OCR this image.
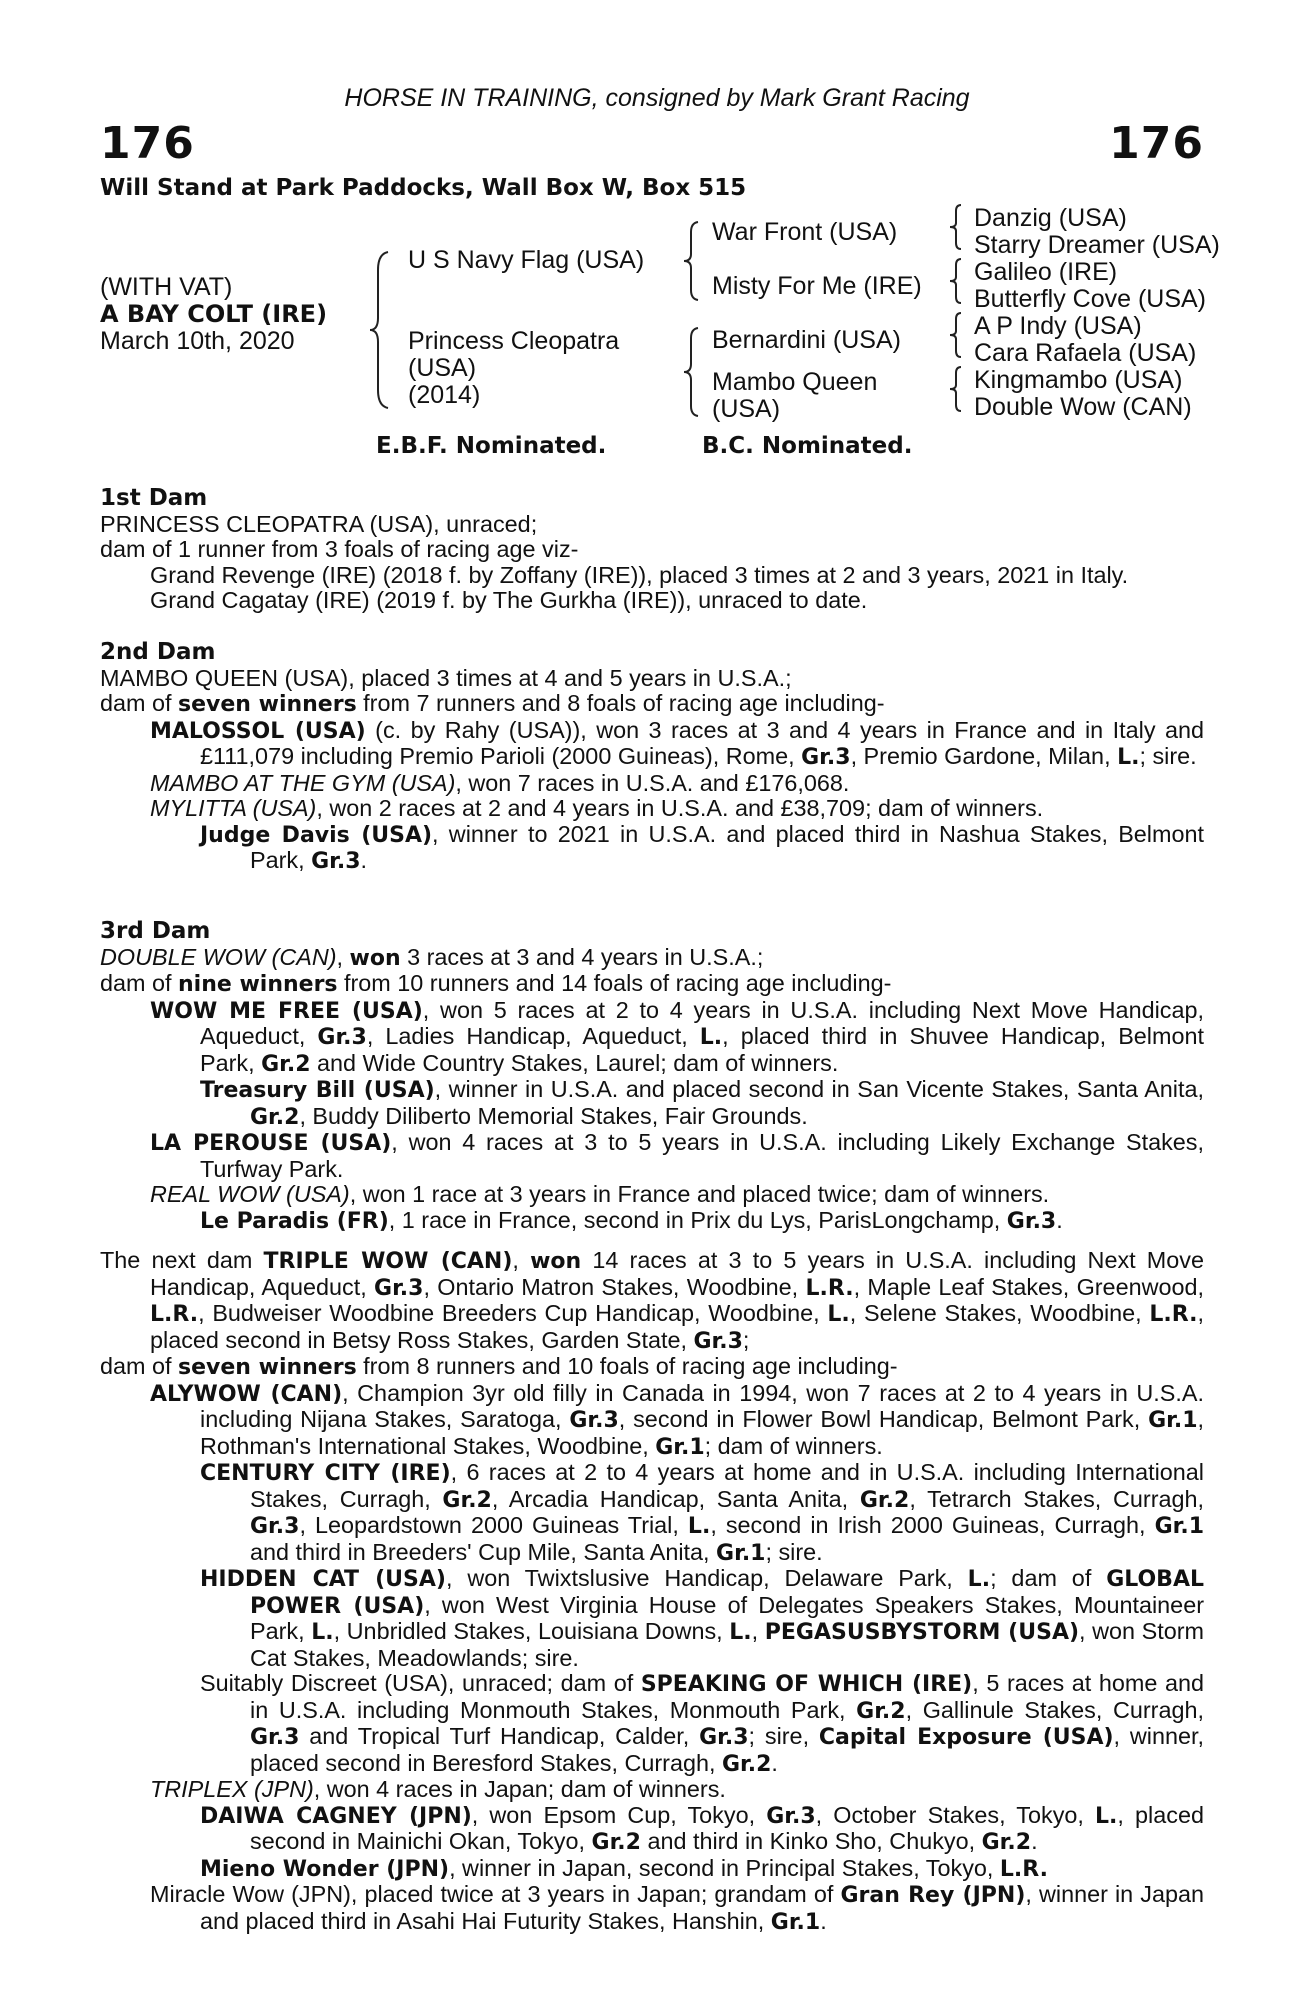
HORSE IN TRAINING, consigned by Mark Grant Racing
176	176
Will Stand at Park Paddocks, Wall Box W, Box 515
(WITH VAT)
A BAY COLT (IRE)
March 10th, 2020
U S Navy Flag (USA)
Princess Cleopatra
(USA)
(2014)
War Front (USA)
Misty For Me (IRE)
Bernardini (USA)
Mambo Queen
(USA)
Danzig (USA)
Starry Dreamer (USA)
Galileo (IRE)
Butterfly Cove (USA)
A P Indy (USA)
Cara Rafaela (USA)
Kingmambo (USA)
Double Wow (CAN)
E.B.F. Nominated.	B.C. Nominated.
1st Dam
PRINCESS CLEOPATRA (USA), unraced;
dam of 1 runner from 3 foals of racing age viz-
Grand Revenge (IRE) (2018 f. by Zoffany (IRE)), placed 3 times at 2 and 3 years, 2021 in Italy.
Grand Cagatay (IRE) (2019 f. by The Gurkha (IRE)), unraced to date.
2nd Dam
MAMBO QUEEN (USA), placed 3 times at 4 and 5 years in U.S.A.;
dam of seven winners from 7 runners and 8 foals of racing age including-
MALOSSOL (USA) (c. by Rahy (USA)), won 3 races at 3 and 4 years in France and in Italy and £111,079 including Premio Parioli (2000 Guineas), Rome, Gr.3, Premio Gardone, Milan, L.; sire.
MAMBO AT THE GYM (USA), won 7 races in U.S.A. and £176,068.
MYLITTA (USA), won 2 races at 2 and 4 years in U.S.A. and £38,709; dam of winners.
Judge Davis (USA), winner to 2021 in U.S.A. and placed third in Nashua Stakes, Belmont Park, Gr.3.
3rd Dam
DOUBLE WOW (CAN), won 3 races at 3 and 4 years in U.S.A.;
dam of nine winners from 10 runners and 14 foals of racing age including-
WOW ME FREE (USA), won 5 races at 2 to 4 years in U.S.A. including Next Move Handicap, Aqueduct, Gr.3, Ladies Handicap, Aqueduct, L., placed third in Shuvee Handicap, Belmont Park, Gr.2 and Wide Country Stakes, Laurel; dam of winners.
Treasury Bill (USA), winner in U.S.A. and placed second in San Vicente Stakes, Santa Anita, Gr.2, Buddy Diliberto Memorial Stakes, Fair Grounds.
LA PEROUSE (USA), won 4 races at 3 to 5 years in U.S.A. including Likely Exchange Stakes, Turfway Park.
REAL WOW (USA), won 1 race at 3 years in France and placed twice; dam of winners.
Le Paradis (FR), 1 race in France, second in Prix du Lys, ParisLongchamp, Gr.3.
The next dam TRIPLE WOW (CAN), won 14 races at 3 to 5 years in U.S.A. including Next Move Handicap, Aqueduct, Gr.3, Ontario Matron Stakes, Woodbine, L.R., Maple Leaf Stakes, Greenwood, L.R., Budweiser Woodbine Breeders Cup Handicap, Woodbine, L., Selene Stakes, Woodbine, L.R., placed second in Betsy Ross Stakes, Garden State, Gr.3;
dam of seven winners from 8 runners and 10 foals of racing age including-
ALYWOW (CAN), Champion 3yr old filly in Canada in 1994, won 7 races at 2 to 4 years in U.S.A. including Nijana Stakes, Saratoga, Gr.3, second in Flower Bowl Handicap, Belmont Park, Gr.1, Rothman's International Stakes, Woodbine, Gr.1; dam of winners.
CENTURY CITY (IRE), 6 races at 2 to 4 years at home and in U.S.A. including International Stakes, Curragh, Gr.2, Arcadia Handicap, Santa Anita, Gr.2, Tetrarch Stakes, Curragh, Gr.3, Leopardstown 2000 Guineas Trial, L., second in Irish 2000 Guineas, Curragh, Gr.1 and third in Breeders' Cup Mile, Santa Anita, Gr.1; sire.
HIDDEN CAT (USA), won Twixtslusive Handicap, Delaware Park, L.; dam of GLOBAL POWER (USA), won West Virginia House of Delegates Speakers Stakes, Mountaineer Park, L., Unbridled Stakes, Louisiana Downs, L., PEGASUSBYSTORM (USA), won Storm Cat Stakes, Meadowlands; sire.
Suitably Discreet (USA), unraced; dam of SPEAKING OF WHICH (IRE), 5 races at home and in U.S.A. including Monmouth Stakes, Monmouth Park, Gr.2, Gallinule Stakes, Curragh, Gr.3 and Tropical Turf Handicap, Calder, Gr.3; sire, Capital Exposure (USA), winner, placed second in Beresford Stakes, Curragh, Gr.2.
TRIPLEX (JPN), won 4 races in Japan; dam of winners.
DAIWA CAGNEY (JPN), won Epsom Cup, Tokyo, Gr.3, October Stakes, Tokyo, L., placed second in Mainichi Okan, Tokyo, Gr.2 and third in Kinko Sho, Chukyo, Gr.2.
Mieno Wonder (JPN), winner in Japan, second in Principal Stakes, Tokyo, L.R.
Miracle Wow (JPN), placed twice at 3 years in Japan; grandam of Gran Rey (JPN), winner in Japan and placed third in Asahi Hai Futurity Stakes, Hanshin, Gr.1.
